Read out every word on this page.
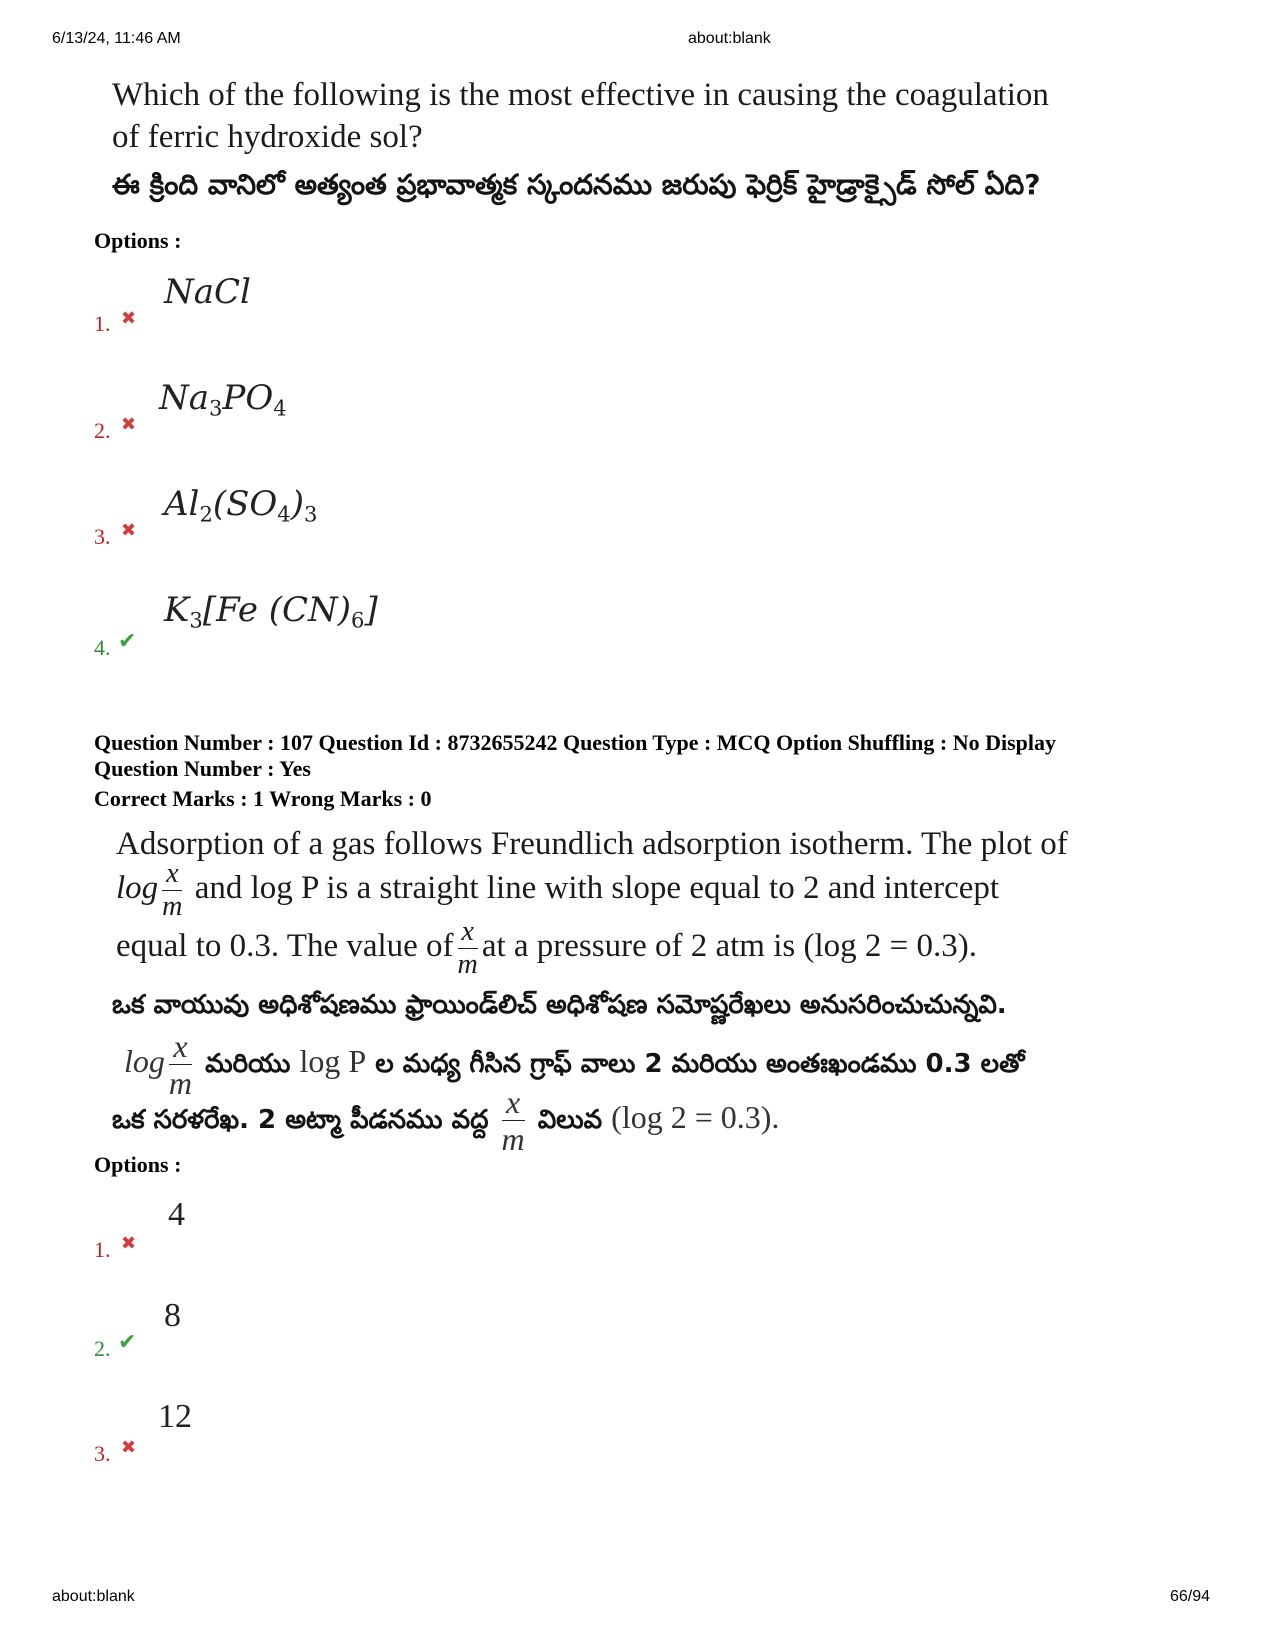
6/13/24, 11:46 AM	about:blank
Which of the following is the most effective in causing the coagulation
of ferric hydroxide sol?
ఈ క్రింది వానిలో అత్యంత ప్రభావాత్మక స్కందనము జరుపు ఫెర్రిక్ హైడ్రాక్సైడ్ సోల్ ఏది?
Options :
NaCl
1. ✖
$Na_3PO_4$
2. ✖
$Al_2(SO_4)_3$
3. ✖
$K_3[Fe$ $(CN)_6$]
4. ✔
Question Number : 107 Question Id : 8732655242 Question Type : MCQ Option Shuffling : No Display
Question Number : Yes
Correct Marks : 1 Wrong Marks : 0
Adsorption of a gas follows Freundlich adsorption isotherm. The plot of
$\log \frac{x}{m}$ and log P is a straight line with slope equal to 2 and intercept
equal to 0.3. The value of $\frac{x}{m}$ at a pressure of 2 atm is (log 2 = 0.3).
ఒక వాయువు అధిశోషణము ఫ్రాయిండ్‌లిచ్ అధిశోషణ సమోష్ణరేఖలు అనుసరించుచున్నవి.
$\log \frac{x}{m}$ మరియు log P ల మధ్య గీసిన గ్రాఫ్ వాలు 2 మరియు అంతఃఖండము 0.3 లతో
ఒక సరళరేఖ. 2 అట్మా పీడనము వద్ద $\frac{x}{m}$ విలువ (log 2 = 0.3).
Options :
4
1. ✖
8
2. ✔
12
3. ✖
about:blank	66/94
